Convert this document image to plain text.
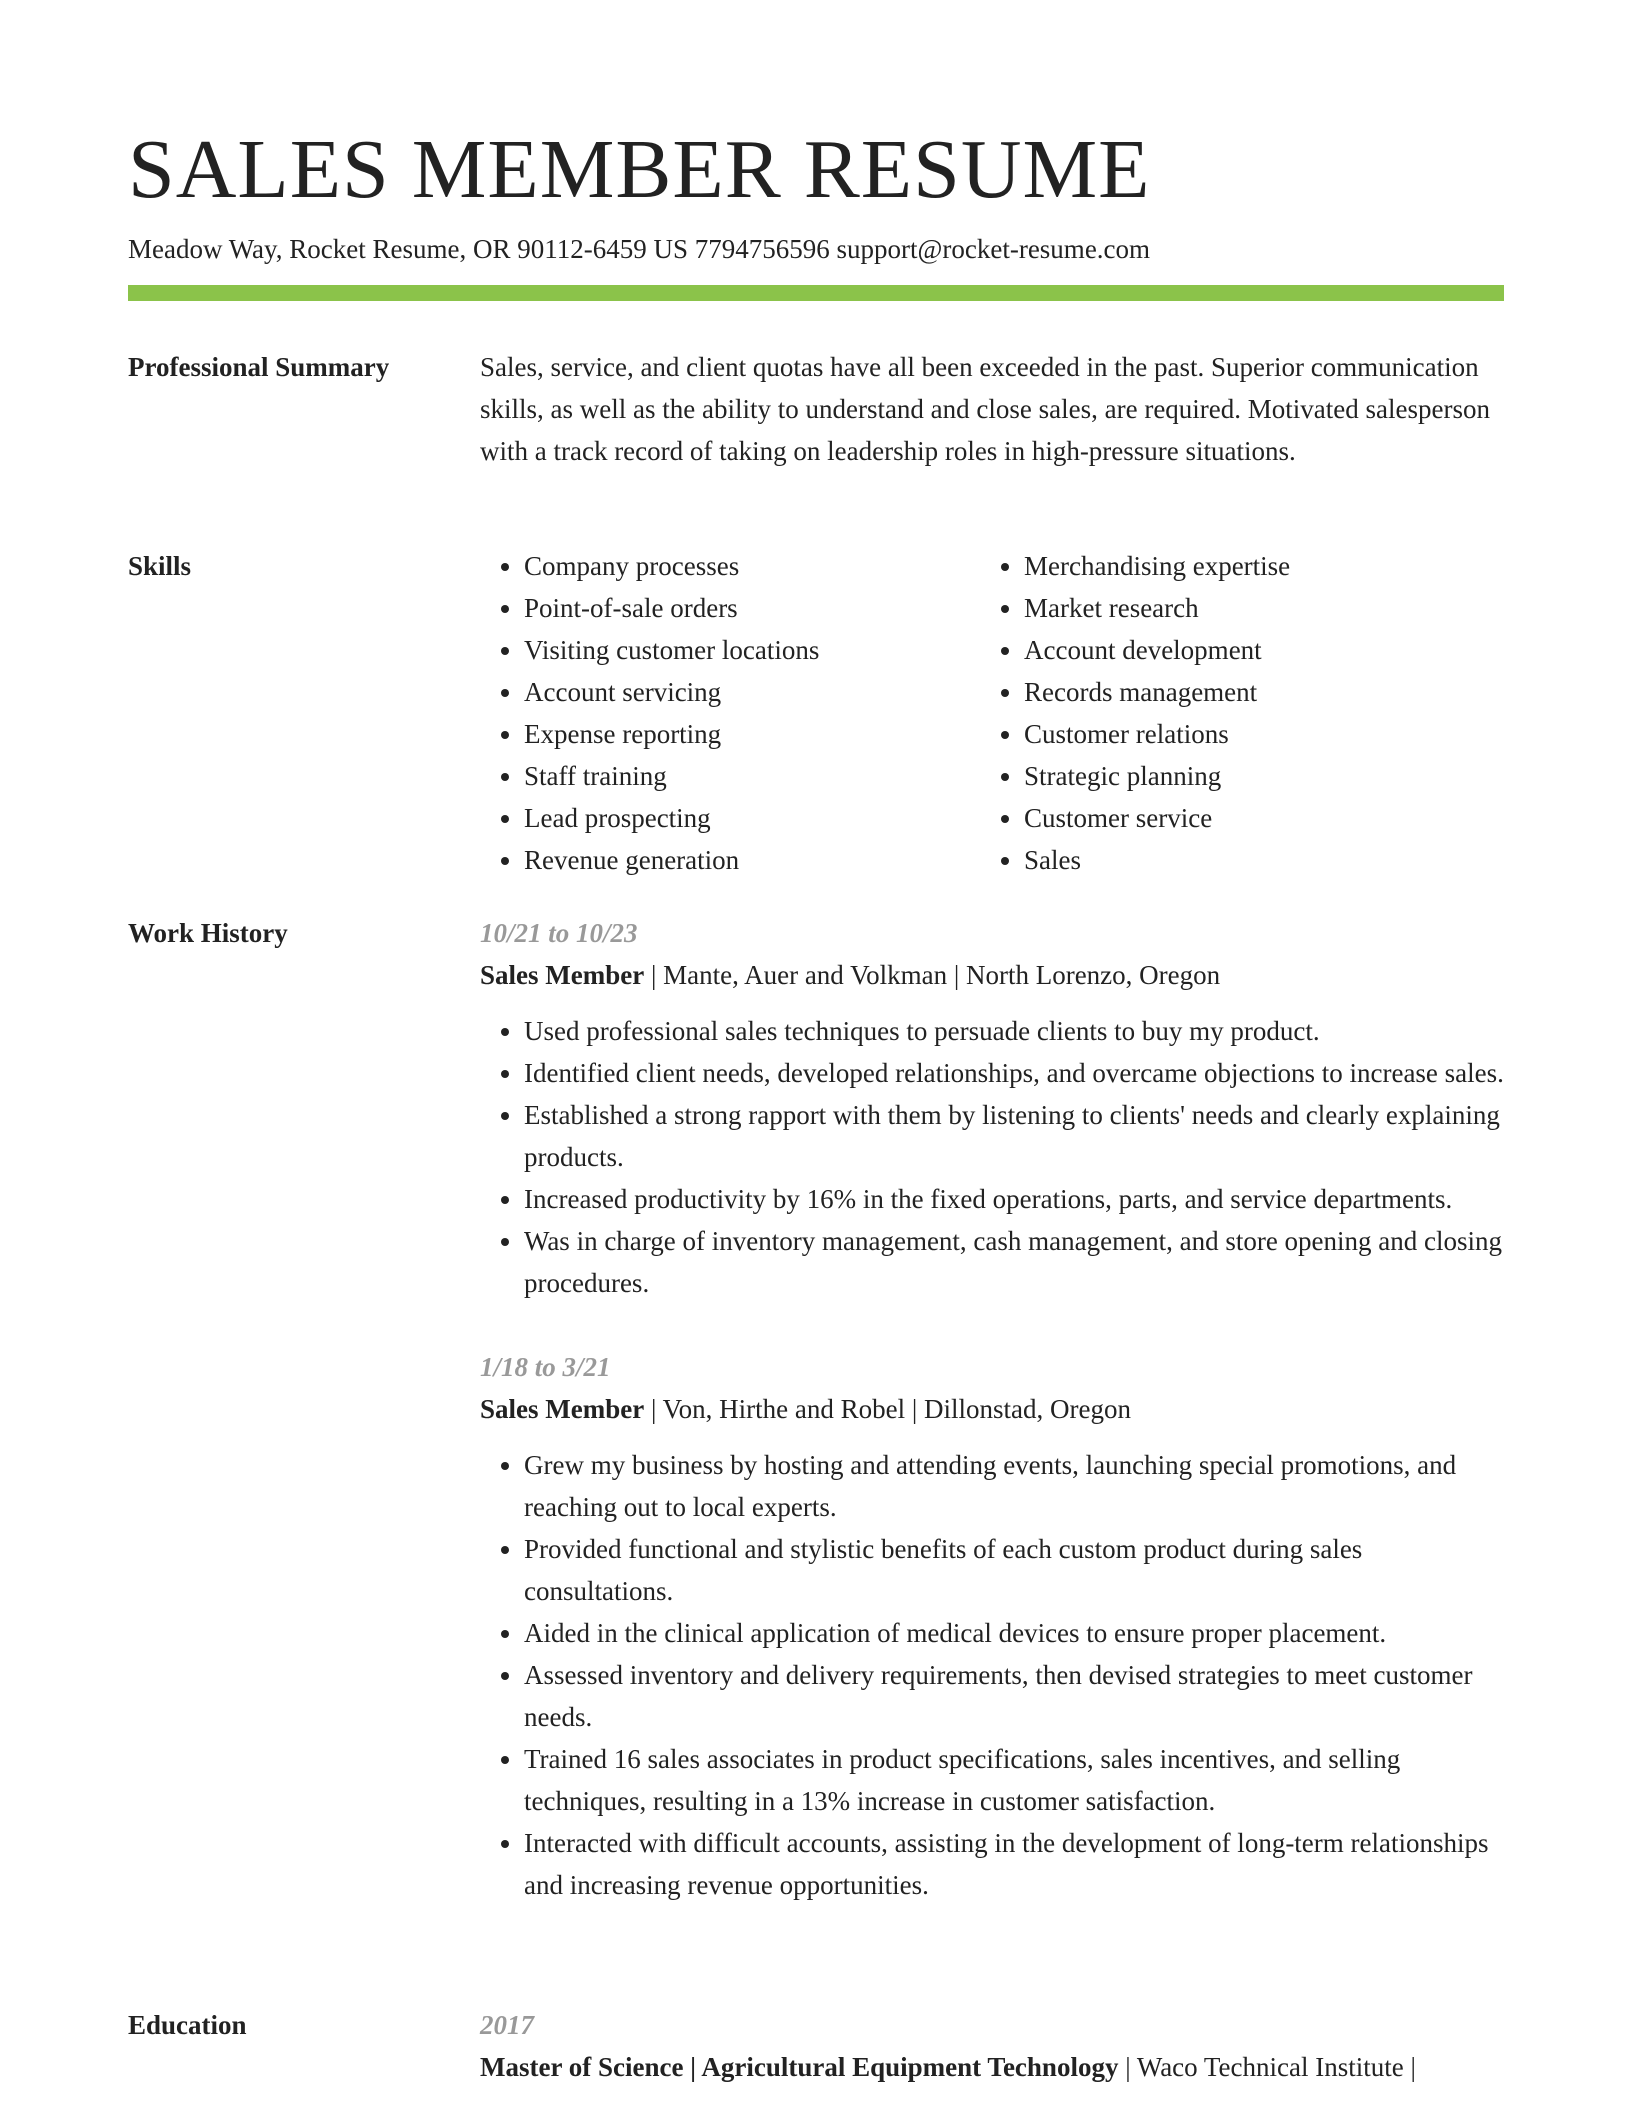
SALES MEMBER RESUME
Meadow Way, Rocket Resume, OR 90112-6459 US 7794756596 support@rocket-resume.com
Professional Summary	Sales, service, and client quotas have all been exceeded in the past. Superior communication skills, as well as the ability to understand and close sales, are required. Motivated salesperson with a track record of taking on leadership roles in high-pressure situations.

Skills
•	Company processes
• Point-of-sale orders
• Visiting customer locations
• Account servicing
• Expense reporting
• Staff training
• Lead prospecting
• Revenue generation
• Merchandising expertise
• Market research
• Account development
• Records management
• Customer relations
• Strategic planning
• Customer service
• Sales
Work History	10/21 to 10/23
Sales Member | Mante, Auer and Volkman | North Lorenzo, Oregon
• Used professional sales techniques to persuade clients to buy my product.
• Identified client needs, developed relationships, and overcame objections to increase sales.
• Established a strong rapport with them by listening to clients' needs and clearly explaining products.
• Increased productivity by 16% in the fixed operations, parts, and service departments.
• Was in charge of inventory management, cash management, and store opening and closing procedures.
1/18 to 3/21
Sales Member | Von, Hirthe and Robel | Dillonstad, Oregon
• Grew my business by hosting and attending events, launching special promotions, and reaching out to local experts.
• Provided functional and stylistic benefits of each custom product during sales consultations.
• Aided in the clinical application of medical devices to ensure proper placement.
• Assessed inventory and delivery requirements, then devised strategies to meet customer needs.
• Trained 16 sales associates in product specifications, sales incentives, and selling techniques, resulting in a 13% increase in customer satisfaction.
• Interacted with difficult accounts, assisting in the development of long-term relationships and increasing revenue opportunities.
Education	2017
Master of Science | Agricultural Equipment Technology | Waco Technical Institute |
